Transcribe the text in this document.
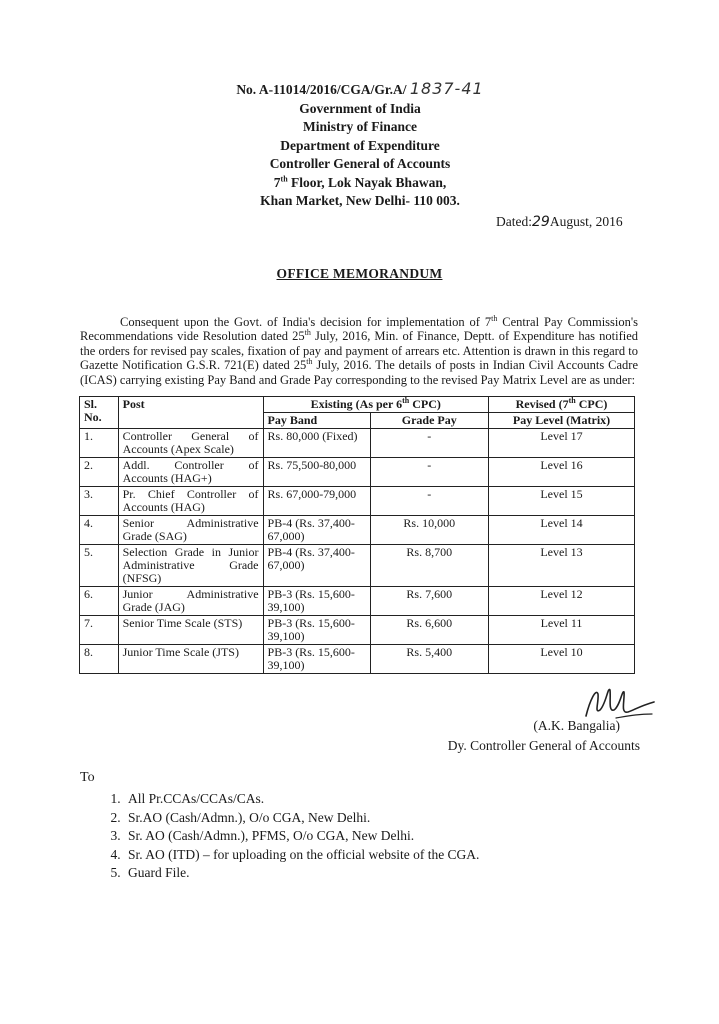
No. A-11014/2016/CGA/Gr.A/ 1837-41
Government of India
Ministry of Finance
Department of Expenditure
Controller General of Accounts
7th Floor, Lok Nayak Bhawan,
Khan Market, New Delhi- 110 003.
Dated:29August, 2016
OFFICE MEMORANDUM

Consequent upon the Govt. of India's decision for implementation of 7th Central Pay Commission's Recommendations vide Resolution dated 25th July, 2016, Min. of Finance, Deptt. of Expenditure has notified the orders for revised pay scales, fixation of pay and payment of arrears etc. Attention is drawn in this regard to Gazette Notification G.S.R. 721(E) dated 25th July, 2016. The details of posts in Indian Civil Accounts Cadre (ICAS) carrying existing Pay Band and Grade Pay corresponding to the revised Pay Matrix Level are as under:

Sl. No.	Post	Existing (As per 6th CPC)		Revised (7th CPC)
		Pay Band	Grade Pay	Pay Level (Matrix)
1.	Controller General of Accounts (Apex Scale)	Rs. 80,000 (Fixed)	-	Level 17
2.	Addl. Controller of Accounts (HAG+)	Rs. 75,500-80,000	-	Level 16
3.	Pr. Chief Controller of Accounts (HAG)	Rs. 67,000-79,000	-	Level 15
4.	Senior Administrative Grade (SAG)	PB-4 (Rs. 37,400-67,000)	Rs. 10,000	Level 14
5.	Selection Grade in Junior Administrative Grade (NFSG)	PB-4 (Rs. 37,400-67,000)	Rs. 8,700	Level 13
6.	Junior Administrative Grade (JAG)	PB-3 (Rs. 15,600-39,100)	Rs. 7,600	Level 12
7.	Senior Time Scale (STS)	PB-3 (Rs. 15,600-39,100)	Rs. 6,600	Level 11
8.	Junior Time Scale (JTS)	PB-3 (Rs. 15,600-39,100)	Rs. 5,400	Level 10
(A.K. Bangalia)
Dy. Controller General of Accounts
To
1. All Pr.CCAs/CCAs/CAs.
2. Sr.AO (Cash/Admn.), O/o CGA, New Delhi.
3. Sr. AO (Cash/Admn.), PFMS, O/o CGA, New Delhi.
4. Sr. AO (ITD) – for uploading on the official website of the CGA.
5. Guard File.
